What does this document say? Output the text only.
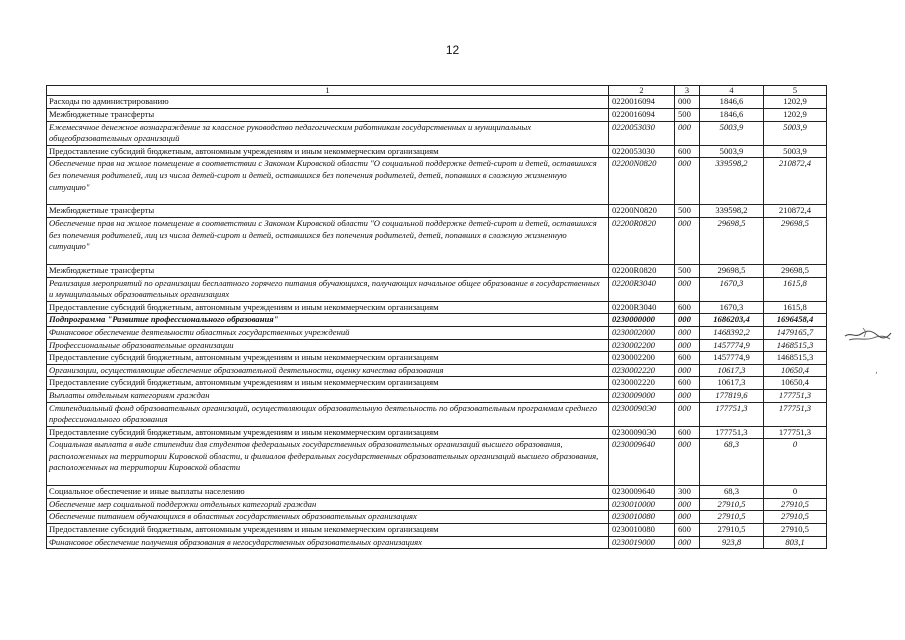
12
1	2	3	4	5
Расходы по администрированию	0220016094	000	1846,6	1202,9
Межбюджетные трансферты	0220016094	500	1846,6	1202,9
Ежемесячное денежное вознаграждение за классное руководство педагогическим работникам государственных и муниципальных общеобразовательных организаций	0220053030	000	5003,9	5003,9
Предоставление субсидий бюджетным, автономным учреждениям и иным некоммерческим организациям	0220053030	600	5003,9	5003,9
Обеспечение прав на жилое помещение в соответствии с Законом Кировской области "О социальной поддержке детей-сирот и детей, оставшихся без попечения родителей, лиц из числа детей-сирот и детей, оставшихся без попечения родителей, детей, попавших в сложную жизненную ситуацию"	02200N0820	000	339598,2	210872,4
Межбюджетные трансферты	02200N0820	500	339598,2	210872,4
Обеспечение прав на жилое помещение в соответствии с Законом Кировской области "О социальной поддержке детей-сирот и детей, оставшихся без попечения родителей, лиц из числа детей-сирот и детей, оставшихся без попечения родителей, детей, попавших в сложную жизненную ситуацию"	02200R0820	000	29698,5	29698,5
Межбюджетные трансферты	02200R0820	500	29698,5	29698,5
Реализация мероприятий по организации бесплатного горячего питания обучающихся, получающих начальное общее образование в государственных и муниципальных образовательных организациях	02200R3040	000	1670,3	1615,8
Предоставление субсидий бюджетным, автономным учреждениям и иным некоммерческим организациям	02200R3040	600	1670,3	1615,8
Подпрограмма "Развитие профессионального образования"	0230000000	000	1686203,4	1696458,4
Финансовое обеспечение деятельности областных государственных учреждений	0230002000	000	1468392,2	1479165,7
Профессиональные образовательные организации	0230002200	000	1457774,9	1468515,3
Предоставление субсидий бюджетным, автономным учреждениям и иным некоммерческим организациям	0230002200	600	1457774,9	1468515,3
Организации, осуществляющие обеспечение образовательной деятельности, оценку качества образования	0230002220	000	10617,3	10650,4
Предоставление субсидий бюджетным, автономным учреждениям и иным некоммерческим организациям	0230002220	600	10617,3	10650,4
Выплаты отдельным категориям граждан	0230009000	000	177819,6	177751,3
Стипендиальный фонд образовательных организаций, осуществляющих образовательную деятельность по образовательным программам среднего профессионального образования	02300090Э0	000	177751,3	177751,3
Предоставление субсидий бюджетным, автономным учреждениям и иным некоммерческим организациям	02300090Э0	600	177751,3	177751,3
Социальная выплата в виде стипендии для студентов федеральных государственных образовательных организаций высшего образования, расположенных на территории Кировской области, и филиалов федеральных государственных образовательных организаций высшего образования, расположенных на территории Кировской области	0230009640	000	68,3	0
Социальное обеспечение и иные выплаты населению	0230009640	300	68,3	0
Обеспечение мер социальной поддержки отдельных категорий граждан	0230010000	000	27910,5	27910,5
Обеспечение питанием обучающихся в областных государственных образовательных организациях	0230010080	000	27910,5	27910,5
Предоставление субсидий бюджетным, автономным учреждениям и иным некоммерческим организациям	0230010080	600	27910,5	27910,5
Финансовое обеспечение получения образования в негосударственных образовательных организациях	0230019000	000	923,8	803,1
,
